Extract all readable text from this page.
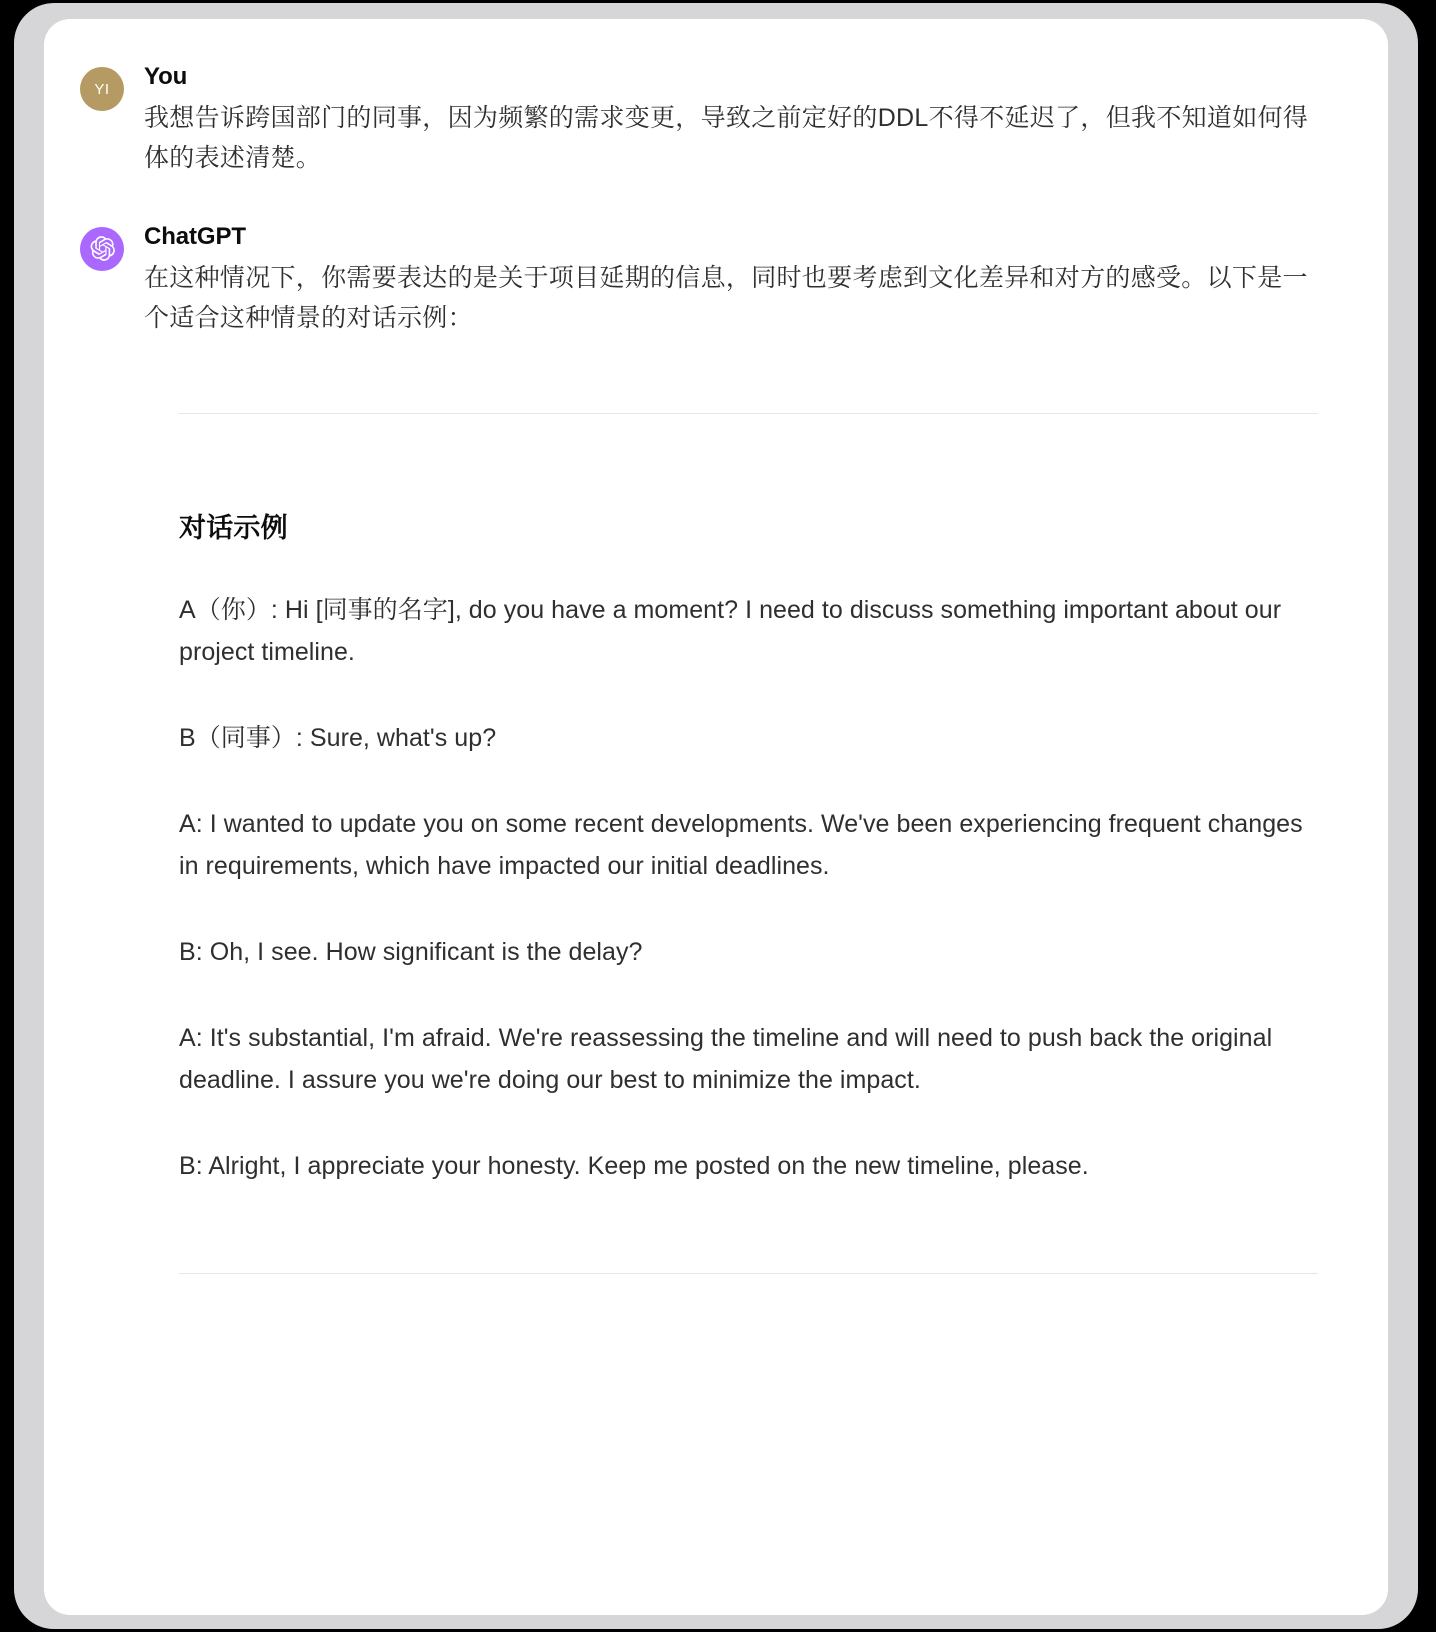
YI You

我想告诉跨国部门的同事，因为频繁的需求变更，导致之前定好的DDL不得不延迟了，但我不知道如何得体的表述清楚。

ChatGPT

在这种情况下，你需要表达的是关于项目延期的信息，同时也要考虑到文化差异和对方的感受。以下是一个适合这种情景的对话示例：

对话示例

A（你）: Hi [同事的名字], do you have a moment? I need to discuss something important about our project timeline.

B（同事）: Sure, what's up?

A: I wanted to update you on some recent developments. We've been experiencing frequent changes in requirements, which have impacted our initial deadlines.

B: Oh, I see. How significant is the delay?

A: It's substantial, I'm afraid. We're reassessing the timeline and will need to push back the original deadline. I assure you we're doing our best to minimize the impact.

B: Alright, I appreciate your honesty. Keep me posted on the new timeline, please.
